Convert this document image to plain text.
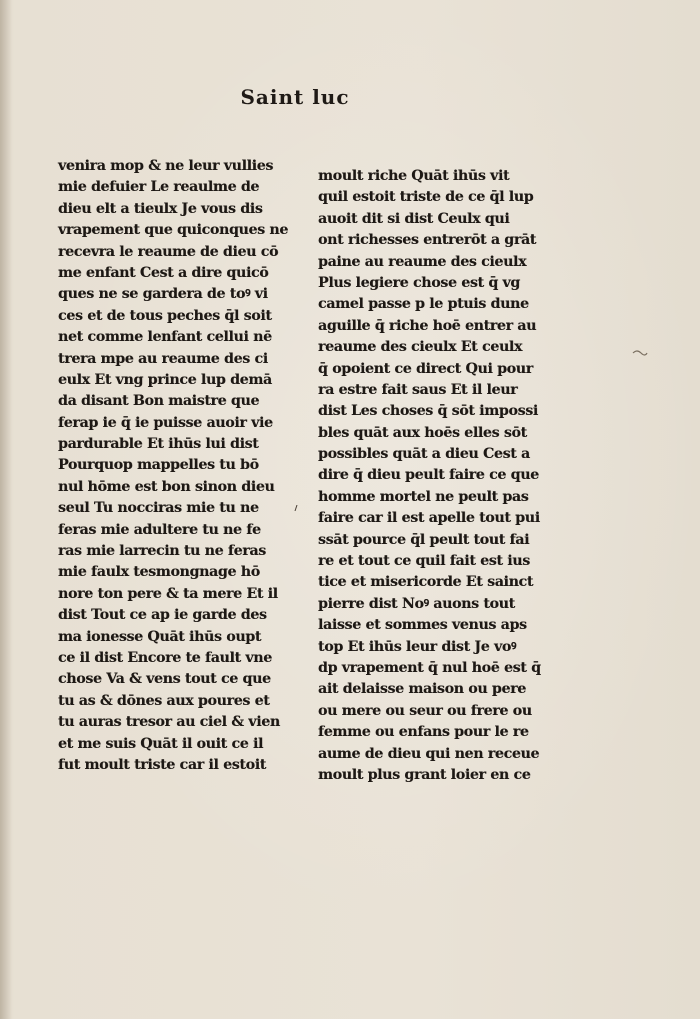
Saint luc
venira mop & ne leur vullies
mie defuier Le reaulme de
dieu elt a tieulx Je vous dis
vrapement que quiconques ne
recevra le reaume de dieu cō
me enfant Cest a dire quicō
ques ne se gardera de toꝰ vi
ces et de tous peches q̄l soit
net comme lenfant cellui nē
trera mpe au reaume des ci
eulx Et vng prince lup demā
da disant Bon maistre que
ferap ie q̄ ie puisse auoir vie
pardurable Et ihūs lui dist
Pourquop mappelles tu bō
nul hōme est bon sinon dieu
seul Tu nocciras mie tu ne
feras mie adultere tu ne fe
ras mie larrecin tu ne feras
mie faulx tesmongnage hō
nore ton pere & ta mere Et il
dist Tout ce ap ie garde des
ma ionesse Quāt ihūs oupt
ce il dist Encore te fault vne
chose Va & vens tout ce que
tu as & dōnes aux poures et
tu auras tresor au ciel & vien
et me suis Quāt il ouit ce il
fut moult triste car il estoit
moult riche Quāt ihūs vit
quil estoit triste de ce q̄l lup
auoit dit si dist Ceulx qui
ont richesses entrerōt a grāt
paine au reaume des cieulx
Plus legiere chose est q̄ vg
camel passe p le ptuis dune
aguille q̄ riche hoē entrer au
reaume des cieulx Et ceulx
q̄ opoient ce direct Qui pour
ra estre fait saus Et il leur
dist Les choses q̄ sōt impossi
bles quāt aux hoēs elles sōt
possibles quāt a dieu Cest a
dire q̄ dieu peult faire ce que
homme mortel ne peult pas
faire car il est apelle tout pui
ssāt pource q̄l peult tout fai
re et tout ce quil fait est ius
tice et misericorde Et sainct
pierre dist Noꝰ auons tout
laisse et sommes venus aps
top Et ihūs leur dist Je voꝰ
dp vrapement q̄ nul hoē est q̄
ait delaisse maison ou pere
ou mere ou seur ou frere ou
femme ou enfans pour le re
aume de dieu qui nen receue
moult plus grant loier en ce
